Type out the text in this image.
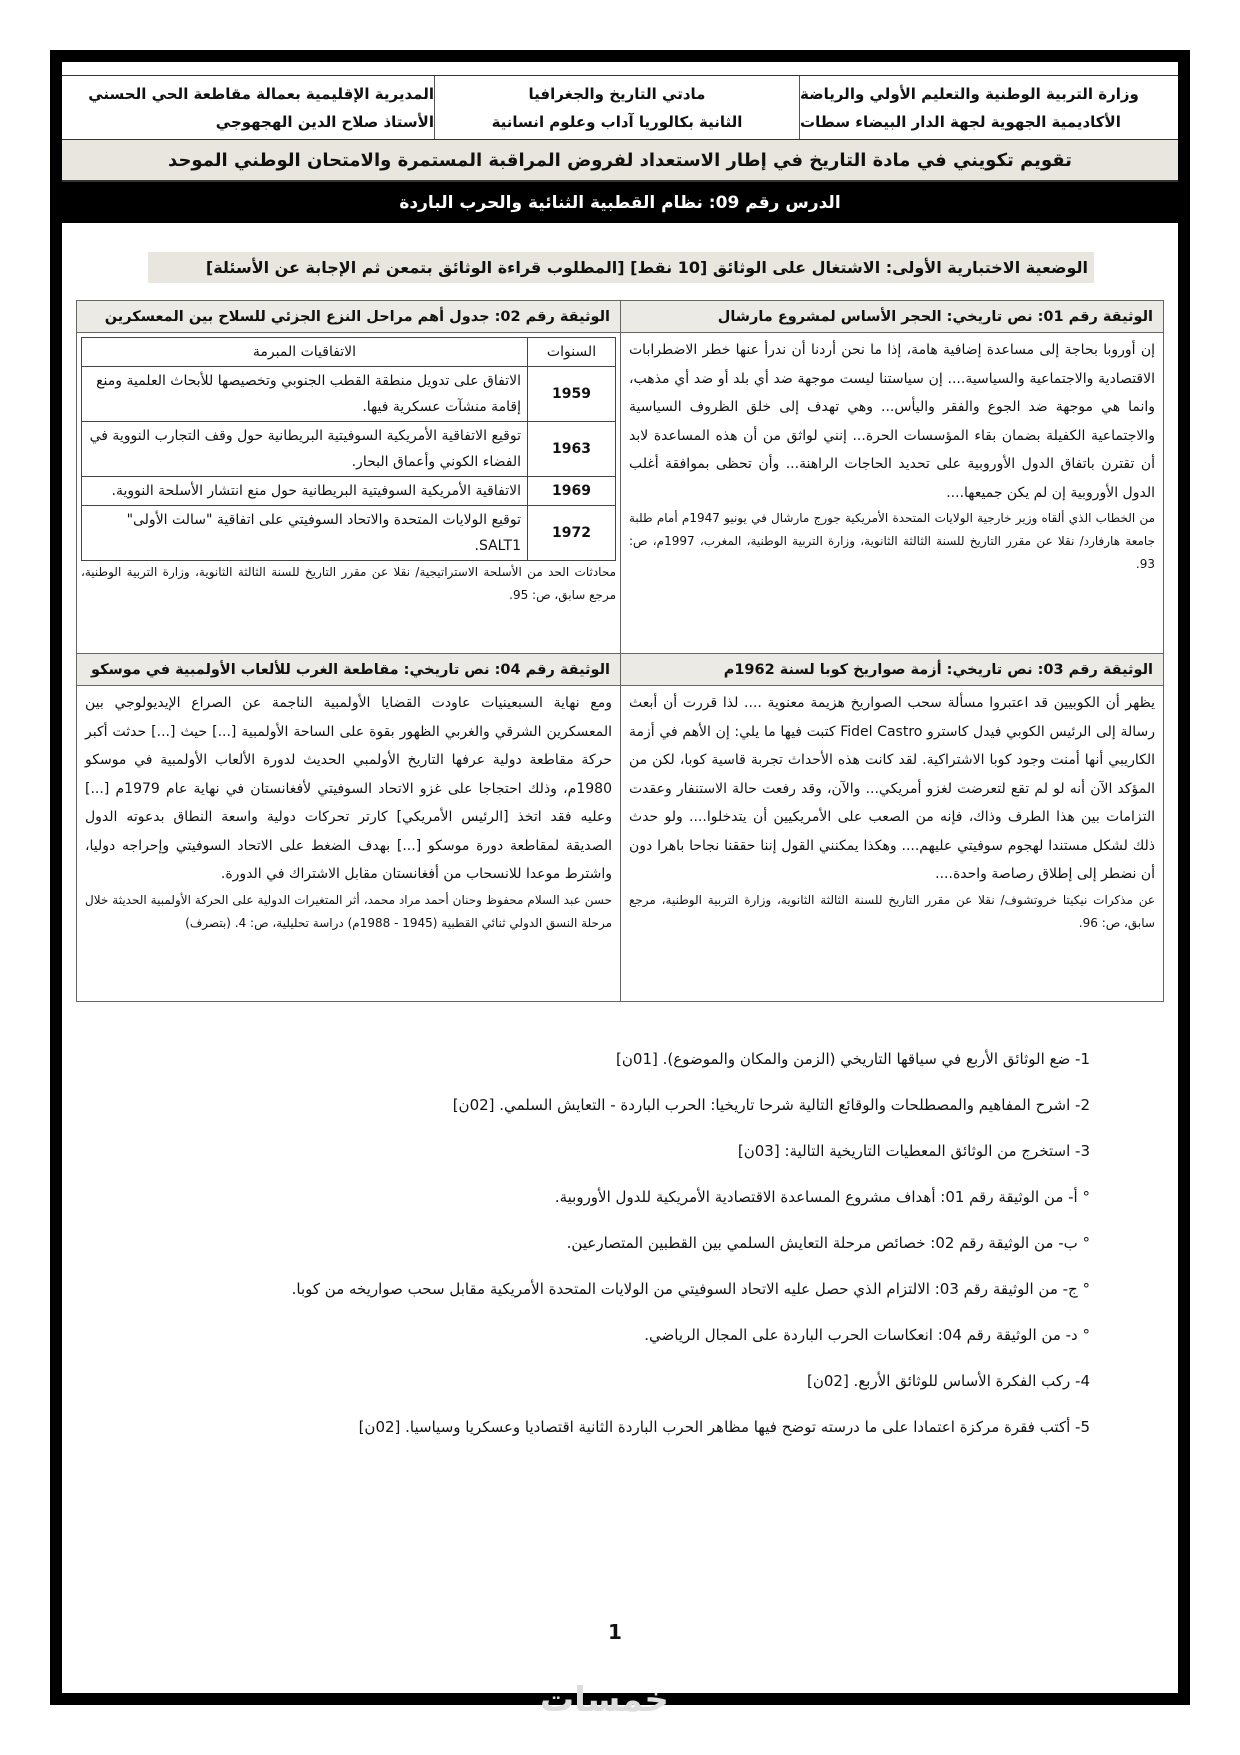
وزارة التربية الوطنية والتعليم الأولي والرياضة
الأكاديمية الجهوية لجهة الدار البيضاء سطات
مادتي التاريخ والجغرافيا
الثانية بكالوريا آداب وعلوم انسانية
المديرية الإقليمية بعمالة مقاطعة الحي الحسني
الأستاذ صلاح الدين الهجهوجي
تقويم تكويني في مادة التاريخ في إطار الاستعداد لفروض المراقبة المستمرة والامتحان الوطني الموحد
الدرس رقم 09: نظام القطبية الثنائية والحرب الباردة
الوضعية الاختبارية الأولى: الاشتغال على الوثائق [10 نقط] [المطلوب قراءة الوثائق بتمعن ثم الإجابة عن الأسئلة]
الوثيقة رقم 01: نص تاريخي: الحجر الأساس لمشروع مارشال
الوثيقة رقم 02: جدول أهم مراحل النزع الجزئي للسلاح بين المعسكرين
إن أوروبا بحاجة إلى مساعدة إضافية هامة، إذا ما نحن أردنا أن ندرأ عنها خطر الاضطرابات الاقتصادية والاجتماعية والسياسية.... إن سياستنا ليست موجهة ضد أي بلد أو ضد أي مذهب، وانما هي موجهة ضد الجوع والفقر واليأس... وهي تهدف إلى خلق الظروف السياسية والاجتماعية الكفيلة بضمان بقاء المؤسسات الحرة... إنني لواثق من أن هذه المساعدة لابد أن تقترن باتفاق الدول الأوروبية على تحديد الحاجات الراهنة... وأن تحظى بموافقة أغلب الدول الأوروبية إن لم يكن جميعها....
من الخطاب الذي ألقاه وزير خارجية الولايات المتحدة الأمريكية جورج مارشال في يونيو 1947م أمام طلبة جامعة هارفارد/ نقلا عن مقرر التاريخ للسنة الثالثة الثانوية، وزارة التربية الوطنية، المغرب، 1997م، ص: 93.
السنوات	الاتفاقيات المبرمة
1959	الاتفاق على تدويل منطقة القطب الجنوبي وتخصيصها للأبحاث العلمية ومنع إقامة منشآت عسكرية فيها.
1963	توقيع الاتفاقية الأمريكية السوفيتية البريطانية حول وقف التجارب النووية في الفضاء الكوني وأعماق البحار.
1969	الاتفاقية الأمريكية السوفيتية البريطانية حول منع انتشار الأسلحة النووية.
1972	توقيع الولايات المتحدة والاتحاد السوفيتي على اتفاقية "سالت الأولى" SALT1.
محادثات الحد من الأسلحة الاستراتيجية/ نقلا عن مقرر التاريخ للسنة الثالثة الثانوية، وزارة التربية الوطنية، مرجع سابق، ص: 95.
الوثيقة رقم 03: نص تاريخي: أزمة صواريخ كوبا لسنة 1962م
الوثيقة رقم 04: نص تاريخي: مقاطعة الغرب للألعاب الأولمبية في موسكو
يظهر أن الكوبيين قد اعتبروا مسألة سحب الصواريخ هزيمة معنوية .... لذا قررت أن أبعث رسالة إلى الرئيس الكوبي فيدل كاسترو Fidel Castro كتبت فيها ما يلي: إن الأهم في أزمة الكاريبي أنها أمنت وجود كوبا الاشتراكية. لقد كانت هذه الأحداث تجربة قاسية كوبا، لكن من المؤكد الآن أنه لو لم تقع لتعرضت لغزو أمريكي... والآن، وقد رفعت حالة الاستنفار وعقدت التزامات بين هذا الطرف وذاك، فإنه من الصعب على الأمريكيين أن يتدخلوا.... ولو حدث ذلك لشكل مستندا لهجوم سوفيتي عليهم.... وهكذا يمكنني القول إننا حققنا نجاحا باهرا دون أن نضطر إلى إطلاق رصاصة واحدة....
عن مذكرات نيكيتا خروتشوف/ نقلا عن مقرر التاريخ للسنة الثالثة الثانوية، وزارة التربية الوطنية، مرجع سابق، ص: 96.
ومع نهاية السبعينيات عاودت القضايا الأولمبية الناجمة عن الصراع الإيديولوجي بين المعسكرين الشرقي والغربي الظهور بقوة على الساحة الأولمبية [...] حيث [...] حدثت أكبر حركة مقاطعة دولية عرفها التاريخ الأولمبي الحديث لدورة الألعاب الأولمبية في موسكو 1980م، وذلك احتجاجا على غزو الاتحاد السوفيتي لأفغانستان في نهاية عام 1979م [...] وعليه فقد اتخذ [الرئيس الأمريكي] كارتر تحركات دولية واسعة النطاق بدعوته الدول الصديقة لمقاطعة دورة موسكو [...] بهدف الضغط على الاتحاد السوفيتي وإحراجه دوليا، واشترط موعدا للانسحاب من أفغانستان مقابل الاشتراك في الدورة.
حسن عبد السلام محفوظ وحنان أحمد مراد محمد، أثر المتغيرات الدولية على الحركة الأولمبية الحديثة خلال مرحلة النسق الدولي ثنائي القطبية (1945 - 1988م) دراسة تحليلية، ص: 4. (بتصرف)
1- ضع الوثائق الأربع في سياقها التاريخي (الزمن والمكان والموضوع). [01ن]
2- اشرح المفاهيم والمصطلحات والوقائع التالية شرحا تاريخيا: الحرب الباردة - التعايش السلمي. [02ن]
3- استخرج من الوثائق المعطيات التاريخية التالية: [03ن]
° أ- من الوثيقة رقم 01: أهداف مشروع المساعدة الاقتصادية الأمريكية للدول الأوروبية.
° ب- من الوثيقة رقم 02: خصائص مرحلة التعايش السلمي بين القطبين المتصارعين.
° ج- من الوثيقة رقم 03: الالتزام الذي حصل عليه الاتحاد السوفيتي من الولايات المتحدة الأمريكية مقابل سحب صواريخه من كوبا.
° د- من الوثيقة رقم 04: انعكاسات الحرب الباردة على المجال الرياضي.
4- ركب الفكرة الأساس للوثائق الأربع. [02ن]
5- أكتب فقرة مركزة اعتمادا على ما درسته توضح فيها مظاهر الحرب الباردة الثانية اقتصاديا وعسكريا وسياسيا. [02ن]
1
خمسات
